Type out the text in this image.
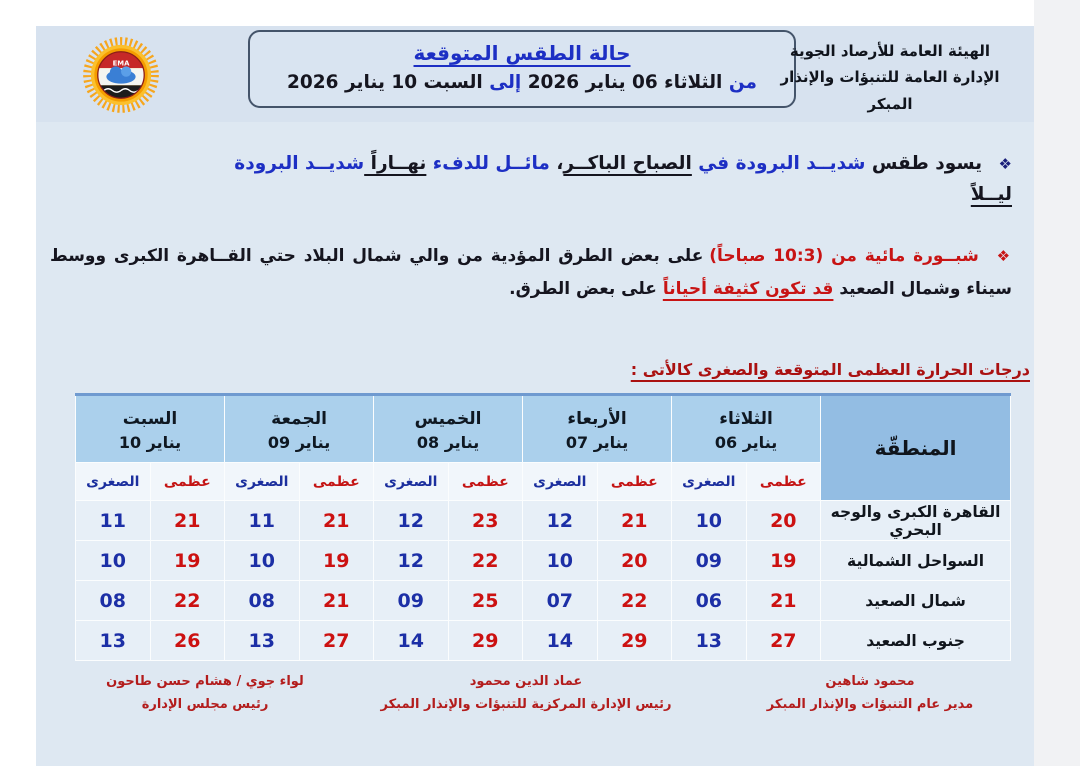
EMA	حالة الطقس المتوقعة
من الثلاثاء 06 يناير 2026 إلى السبت 10 يناير 2026
الهيئة العامة للأرصاد الجوية
الإدارة العامة للتنبؤات والإنذار المبكر
❖ يسود طقس شديــد البرودة في الصباح الباكــر، مائــل للدفء نهــاراً شديــد البرودة ليــلاً
❖ شبــورة مائية من (10:3 صباحاً) على بعض الطرق المؤدية من والي شمال البلاد حتي القــاهرة الكبرى ووسط سيناء وشمال الصعيد قد تكون كثيفة أحياناً على بعض الطرق.
درجات الحرارة العظمى المتوقعة والصغرى كالأتى :
المنطقّة	
الثلاثاء
06 يناير

الأربعاء
07 يناير

الخميس
08 يناير

الجمعة
09 يناير

السبت
10 يناير

	عظمى	الصغرى	عظمى	الصغرى	عظمى	الصغرى	عظمى	الصغرى	عظمى	الصغرى
القاهرة الكبرى والوجه البحري	20	10	21	12	23	12	21	11	21	11
السواحل الشمالية	19	09	20	10	22	12	19	10	19	10
شمال الصعيد	21	06	22	07	25	09	21	08	22	08
جنوب الصعيد	27	13	29	14	29	14	27	13	26	13
محمود شاهين
مدير عام التنبؤات والإنذار المبكر
عماد الدين محمود
رئيس الإدارة المركزية للتنبؤات والإنذار المبكر
لواء جوي / هشام حسن طاحون
رئيس مجلس الإدارة
